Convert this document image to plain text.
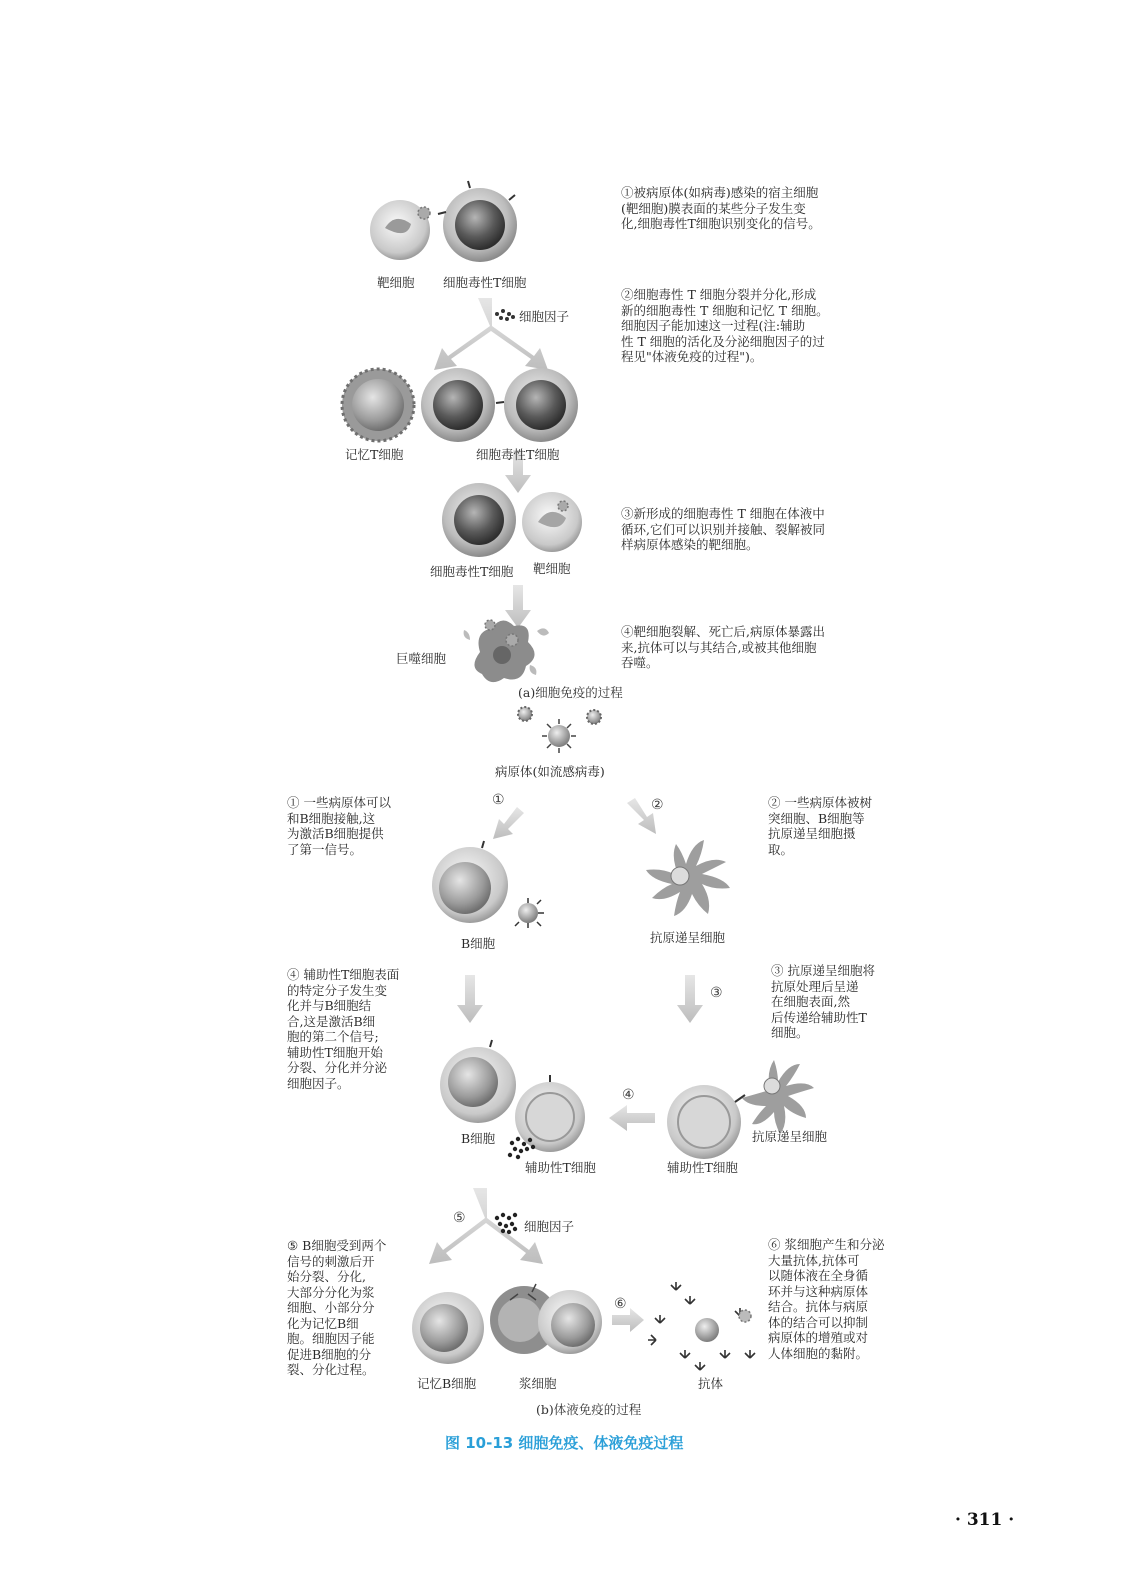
①被病原体(如病毒)感染的宿主细胞
(靶细胞)膜表面的某些分子发生变
化,细胞毒性T细胞识别变化的信号。
靶细胞 细胞毒性T细胞
②细胞毒性 T 细胞分裂并分化,形成
新的细胞毒性 T 细胞和记忆 T 细胞。
细胞因子能加速这一过程(注:辅助
性 T 细胞的活化及分泌细胞因子的过
程见"体液免疫的过程")。
细胞因子
记忆T细胞	细胞毒性T细胞
③新形成的细胞毒性 T 细胞在体液中
循环,它们可以识别并接触、裂解被同
样病原体感染的靶细胞。
细胞毒性T细胞 靶细胞
④靶细胞裂解、死亡后,病原体暴露出
来,抗体可以与其结合,或被其他细胞
吞噬。
巨噬细胞
(a)细胞免疫的过程
病原体(如流感病毒)
① 一些病原体可以
和B细胞接触,这
为激活B细胞提供
了第一信号。
①	②	② 一些病原体被树
突细胞、B细胞等
抗原递呈细胞摄
取。
B细胞	抗原递呈细胞
④ 辅助性T细胞表面
的特定分子发生变
化并与B细胞结
合,这是激活B细
胞的第二个信号;
辅助性T细胞开始
分裂、分化并分泌
细胞因子。
③ 抗原递呈细胞将
抗原处理后呈递
在细胞表面,然
后传递给辅助性T
细胞。
③
④
B细胞	抗原递呈细胞
辅助性T细胞	辅助性T细胞
⑤
细胞因子
⑤ B细胞受到两个
信号的刺激后开
始分裂、分化,
大部分分化为浆
细胞、小部分分
化为记忆B细
胞。细胞因子能
促进B细胞的分
裂、分化过程。
⑥ 浆细胞产生和分泌
大量抗体,抗体可
以随体液在全身循
环并与这种病原体
结合。抗体与病原
体的结合可以抑制
病原体的增殖或对
人体细胞的黏附。
⑥
记忆B细胞	浆细胞	抗体
(b)体液免疫的过程
图 10-13 细胞免疫、体液免疫过程
· 311 ·
